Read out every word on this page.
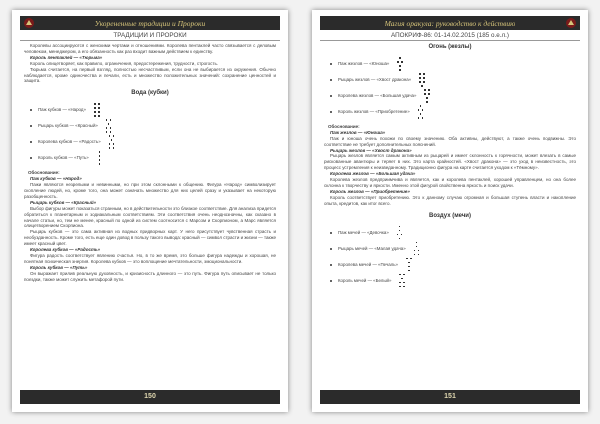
Укорененные традиции и Пророки
ТРАДИЦИИ И ПРОРОКИ

Королевы ассоциируются с женскими чертами и отношениями. Королева пентаклей часто связывается с деловым человеком, менеджером, а его обязанность как раз входит важным действием к единству.

Король пентаклей — «Тюрьма»

Король олицетворяет, как правило, ограничения, предостережения, трудности, строгость.

Тюрьма считается, на первый взгляд, полностью несчастливым, если она не выбирается из окружения. Обычно наблюдается, кроме одиночества и печали, есть и множество положительных значений: сохранение ценностей и защита.

Вода (кубки)
Паж кубков — «Народ»
Рыцарь кубков — «Красный»
Королева кубков — «Радость»
Король кубков — «Путь»
Обоснование:

Паж кубков — «Народ»

Пажи являются незрелыми и невинными, но при этом склонными к общению. Фигура «Народ» символизирует скопление людей, но, кроме того, она может означать множество для них целей сразу и указывает на некоторую разобщенность.

Рыцарь кубков — «Красный»

Выбор фигуры может показаться странным, но в действительности это близкое соответствие. Для анализа придется обратиться к планетарным и зодиакальным соответствиям. Эти соответствия очень неоднозначны, как сказано в начале статьи, но, тем не менее, красный по одной из систем соотносится с Марсом и Скорпионом, а Марс является олицетворением Скорпиона.

Рыцарь кубков — это сама активная из водных придворных карт. У него присутствует чувственная страсть и необузданность. Кроме того, есть еще один довод в пользу такого вывода: красный — символ страсти и жизни — также имеет красный цвет.

Королева кубков — «Радость»

Фигура радость соответствует явлению счастья. Но, в то же время, это больше фигура надежды и хорошая, не понятная психическая энергия. Королева кубков — это воплощение мечтательности, эмоциональности.

Король кубков — «Путь»

Он выражает прилив реальную духовность, и кризисность длинного — это путь. Фигура путь описывает не только поездки, также может служить метафорой пути.

150
Магия оракула: руководство к действию
АПОКРИФ-86: 01-14.02.2015 (185 о.е.л.)
Огонь (жезлы)
Паж жезлов — «Юноша»
Рыцарь жезлов — «Хвост дракона»
Королева жезлов — «Большая удача»
Король жезлов — «Приобретение»
Обоснование:

Паж жезлов — «Юноша»

Паж и юноша очень похожи по своему значению. Оба активны, действуют, а также очень подвижны. Это соответствие не требует дополнительных пояснений.

Рыцарь жезлов — «Хвост дракона»

Рыцарь жезлов является самым активным из рыцарей и имеет склонность к горячности, может влезать в самые рискованные авантюры и теряет в них. Это карта крайностей. «Хвост дракона» — это уход в неизвестность, это процесс устремления к неизведанному. Традиционно фигура на карте считается уходом к «Тёмному».

Королева жезлов — «Большая удача»

Королева жезлов предприимчива и является, как и королева пентаклей, хорошей управленцем, но она более склонна к творчеству и яркости. Именно этой фигурой свойственна яркость и поиск удачи.

Король жезлов — «Приобретение»

Король соответствует приобретению. Это к данному случаю огромная и большая ступень власти и накопление опыта, кредитов, как итог всего.

Воздух (мечи)
Паж мечей — «Девочка»
Рыцарь мечей — «Малая удача»
Королева мечей — «Печаль»
Король мечей — «Белый»
151
